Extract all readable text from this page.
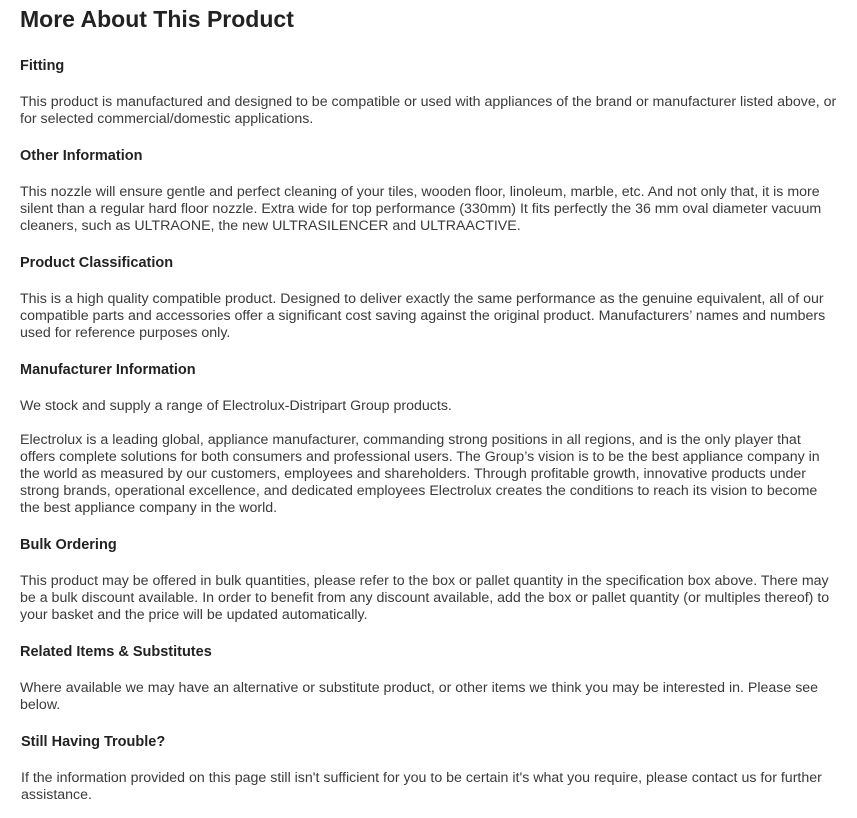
More About This Product
Fitting

This product is manufactured and designed to be compatible or used with appliances of the brand or manufacturer listed above, or for selected commercial/domestic applications.

Other Information

This nozzle will ensure gentle and perfect cleaning of your tiles, wooden floor, linoleum, marble, etc. And not only that, it is more silent than a regular hard floor nozzle. Extra wide for top performance (330mm) It fits perfectly the 36 mm oval diameter vacuum cleaners, such as ULTRAONE, the new ULTRASILENCER and ULTRAACTIVE.

Product Classification

This is a high quality compatible product. Designed to deliver exactly the same performance as the genuine equivalent, all of our compatible parts and accessories offer a significant cost saving against the original product. Manufacturers’ names and numbers used for reference purposes only.

Manufacturer Information

We stock and supply a range of Electrolux-Distripart Group products.

Electrolux is a leading global, appliance manufacturer, commanding strong positions in all regions, and is the only player that offers complete solutions for both consumers and professional users. The Group’s vision is to be the best appliance company in the world as measured by our customers, employees and shareholders. Through profitable growth, innovative products under strong brands, operational excellence, and dedicated employees Electrolux creates the conditions to reach its vision to become the best appliance company in the world.

Bulk Ordering

This product may be offered in bulk quantities, please refer to the box or pallet quantity in the specification box above. There may be a bulk discount available. In order to benefit from any discount available, add the box or pallet quantity (or multiples thereof) to your basket and the price will be updated automatically.

Related Items & Substitutes

Where available we may have an alternative or substitute product, or other items we think you may be interested in. Please see below.

Still Having Trouble?

If the information provided on this page still isn't sufficient for you to be certain it's what you require, please contact us for further assistance.
